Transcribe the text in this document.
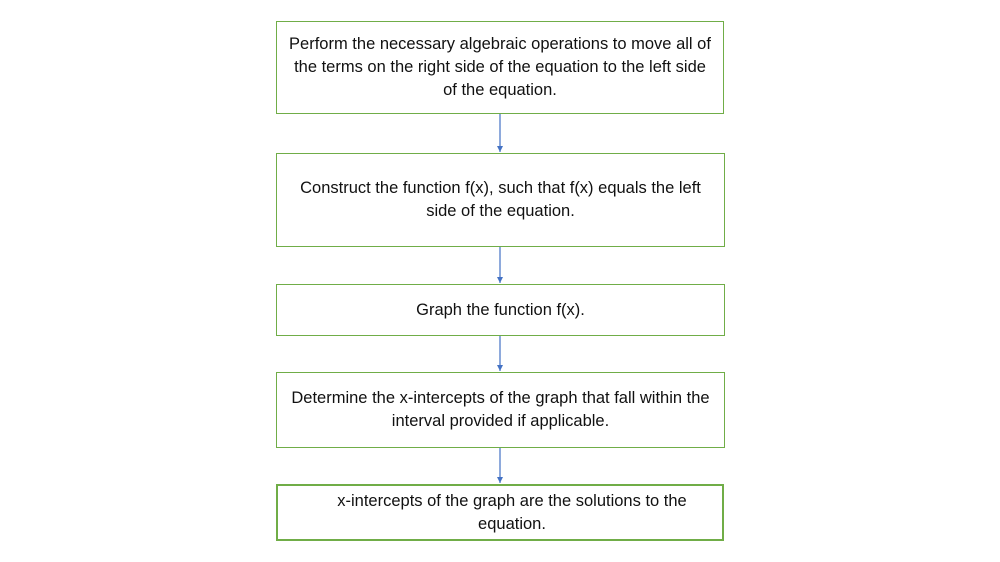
Perform the necessary algebraic operations to move all of the terms on the right side of the equation to the left side of the equation.
Construct the function f(x), such that f(x) equals the left side of the equation.
Graph the function f(x).
Determine the x-intercepts of the graph that fall within the interval provided if applicable.
x-intercepts of the graph are the solutions to the equation.
